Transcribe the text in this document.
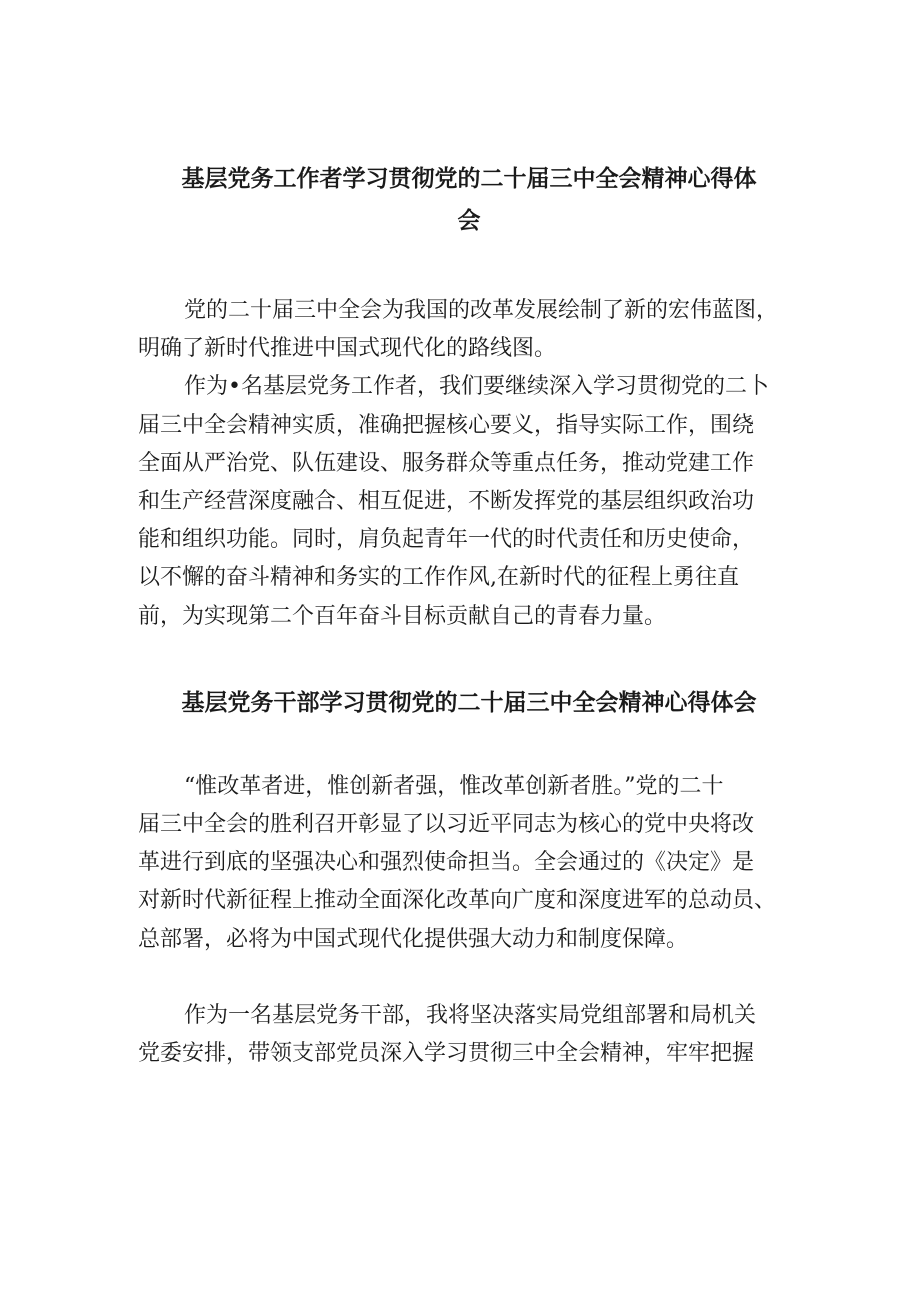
基层党务工作者学习贯彻党的二十届三中全会精神心得体
会
党的二十届三中全会为我国的改革发展绘制了新的宏伟蓝图，
明确了新时代推进中国式现代化的路线图。
作为•名基层党务工作者，我们要继续深入学习贯彻党的二卜
届三中全会精神实质，准确把握核心要义，指导实际工作，围绕
全面从严治党、队伍建设、服务群众等重点任务，推动党建工作
和生产经营深度融合、相互促进，不断发挥党的基层组织政治功
能和组织功能。同时，肩负起青年一代的时代责任和历史使命，
以不懈的奋斗精神和务实的工作作风,在新时代的征程上勇往直
前，为实现第二个百年奋斗目标贡献自己的青春力量。
基层党务干部学习贯彻党的二十届三中全会精神心得体会
“惟改革者进，惟创新者强，惟改革创新者胜。”党的二十
届三中全会的胜利召开彰显了以习近平同志为核心的党中央将改
革进行到底的坚强决心和强烈使命担当。全会通过的《决定》是
对新时代新征程上推动全面深化改革向广度和深度进军的总动员、
总部署，必将为中国式现代化提供强大动力和制度保障。
作为一名基层党务干部，我将坚决落实局党组部署和局机关
党委安排，带领支部党员深入学习贯彻三中全会精神，牢牢把握
